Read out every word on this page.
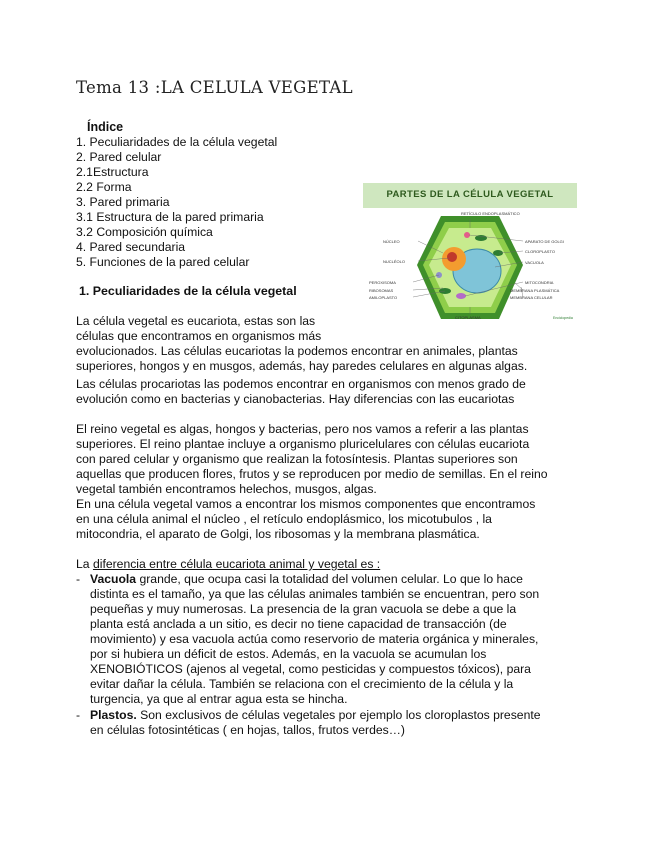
Tema 13 :LA CELULA VEGETAL
Índice
1. Peculiaridades de la célula vegetal
2. Pared celular
2.1Estructura
2.2 Forma
3. Pared primaria
3.1 Estructura de la pared primaria
3.2 Composición química
4. Pared secundaria
5. Funciones de la pared celular
PARTES DE LA CÉLULA VEGETAL
RETÍCULO ENDOPLASMÁTICO
NÚCLEO
NUCLÉOLO
PEROXISOMA
RIBOSOMAS
AMILOPLASTO
APARATO DE GOLGI
CLOROPLASTO
VACUOLA
MITOCONDRIA
MEMBRANA PLASMÁTICA
MEMBRANA CELULAR
CITOPLASMA	Enciclopedia
1. Peculiaridades de la célula vegetal
La célula vegetal es eucariota, estas son las
células que encontramos en organismos más
evolucionados. Las células eucariotas la podemos encontrar en animales, plantas
superiores, hongos y en musgos, además, hay paredes celulares en algunas algas.
Las células procariotas las podemos encontrar en organismos con menos grado de
evolución como en bacterias y cianobacterias. Hay diferencias con las eucariotas
El reino vegetal es algas, hongos y bacterias, pero nos vamos a referir a las plantas
superiores. El reino plantae incluye a organismo pluricelulares con células eucariota
con pared celular y organismo que realizan la fotosíntesis. Plantas superiores son
aquellas que producen flores, frutos y se reproducen por medio de semillas. En el reino
vegetal también encontramos helechos, musgos, algas.
En una célula vegetal vamos a encontrar los mismos componentes que encontramos
en una célula animal el núcleo , el retículo endoplásmico, los micotubulos , la
mitocondria, el aparato de Golgi, los ribosomas y la membrana plasmática.
La diferencia entre célula eucariota animal y vegetal es :
- Vacuola grande, que ocupa casi la totalidad del volumen celular. Lo que lo hace
distinta es el tamaño, ya que las células animales también se encuentran, pero son
pequeñas y muy numerosas. La presencia de la gran vacuola se debe a que la
planta está anclada a un sitio, es decir no tiene capacidad de transacción (de
movimiento) y esa vacuola actúa como reservorio de materia orgánica y minerales,
por si hubiera un déficit de estos. Además, en la vacuola se acumulan los
XENOBIÓTICOS (ajenos al vegetal, como pesticidas y compuestos tóxicos), para
evitar dañar la célula. También se relaciona con el crecimiento de la célula y la
turgencia, ya que al entrar agua esta se hincha.
- Plastos. Son exclusivos de células vegetales por ejemplo los cloroplastos presente
en células fotosintéticas ( en hojas, tallos, frutos verdes…)
